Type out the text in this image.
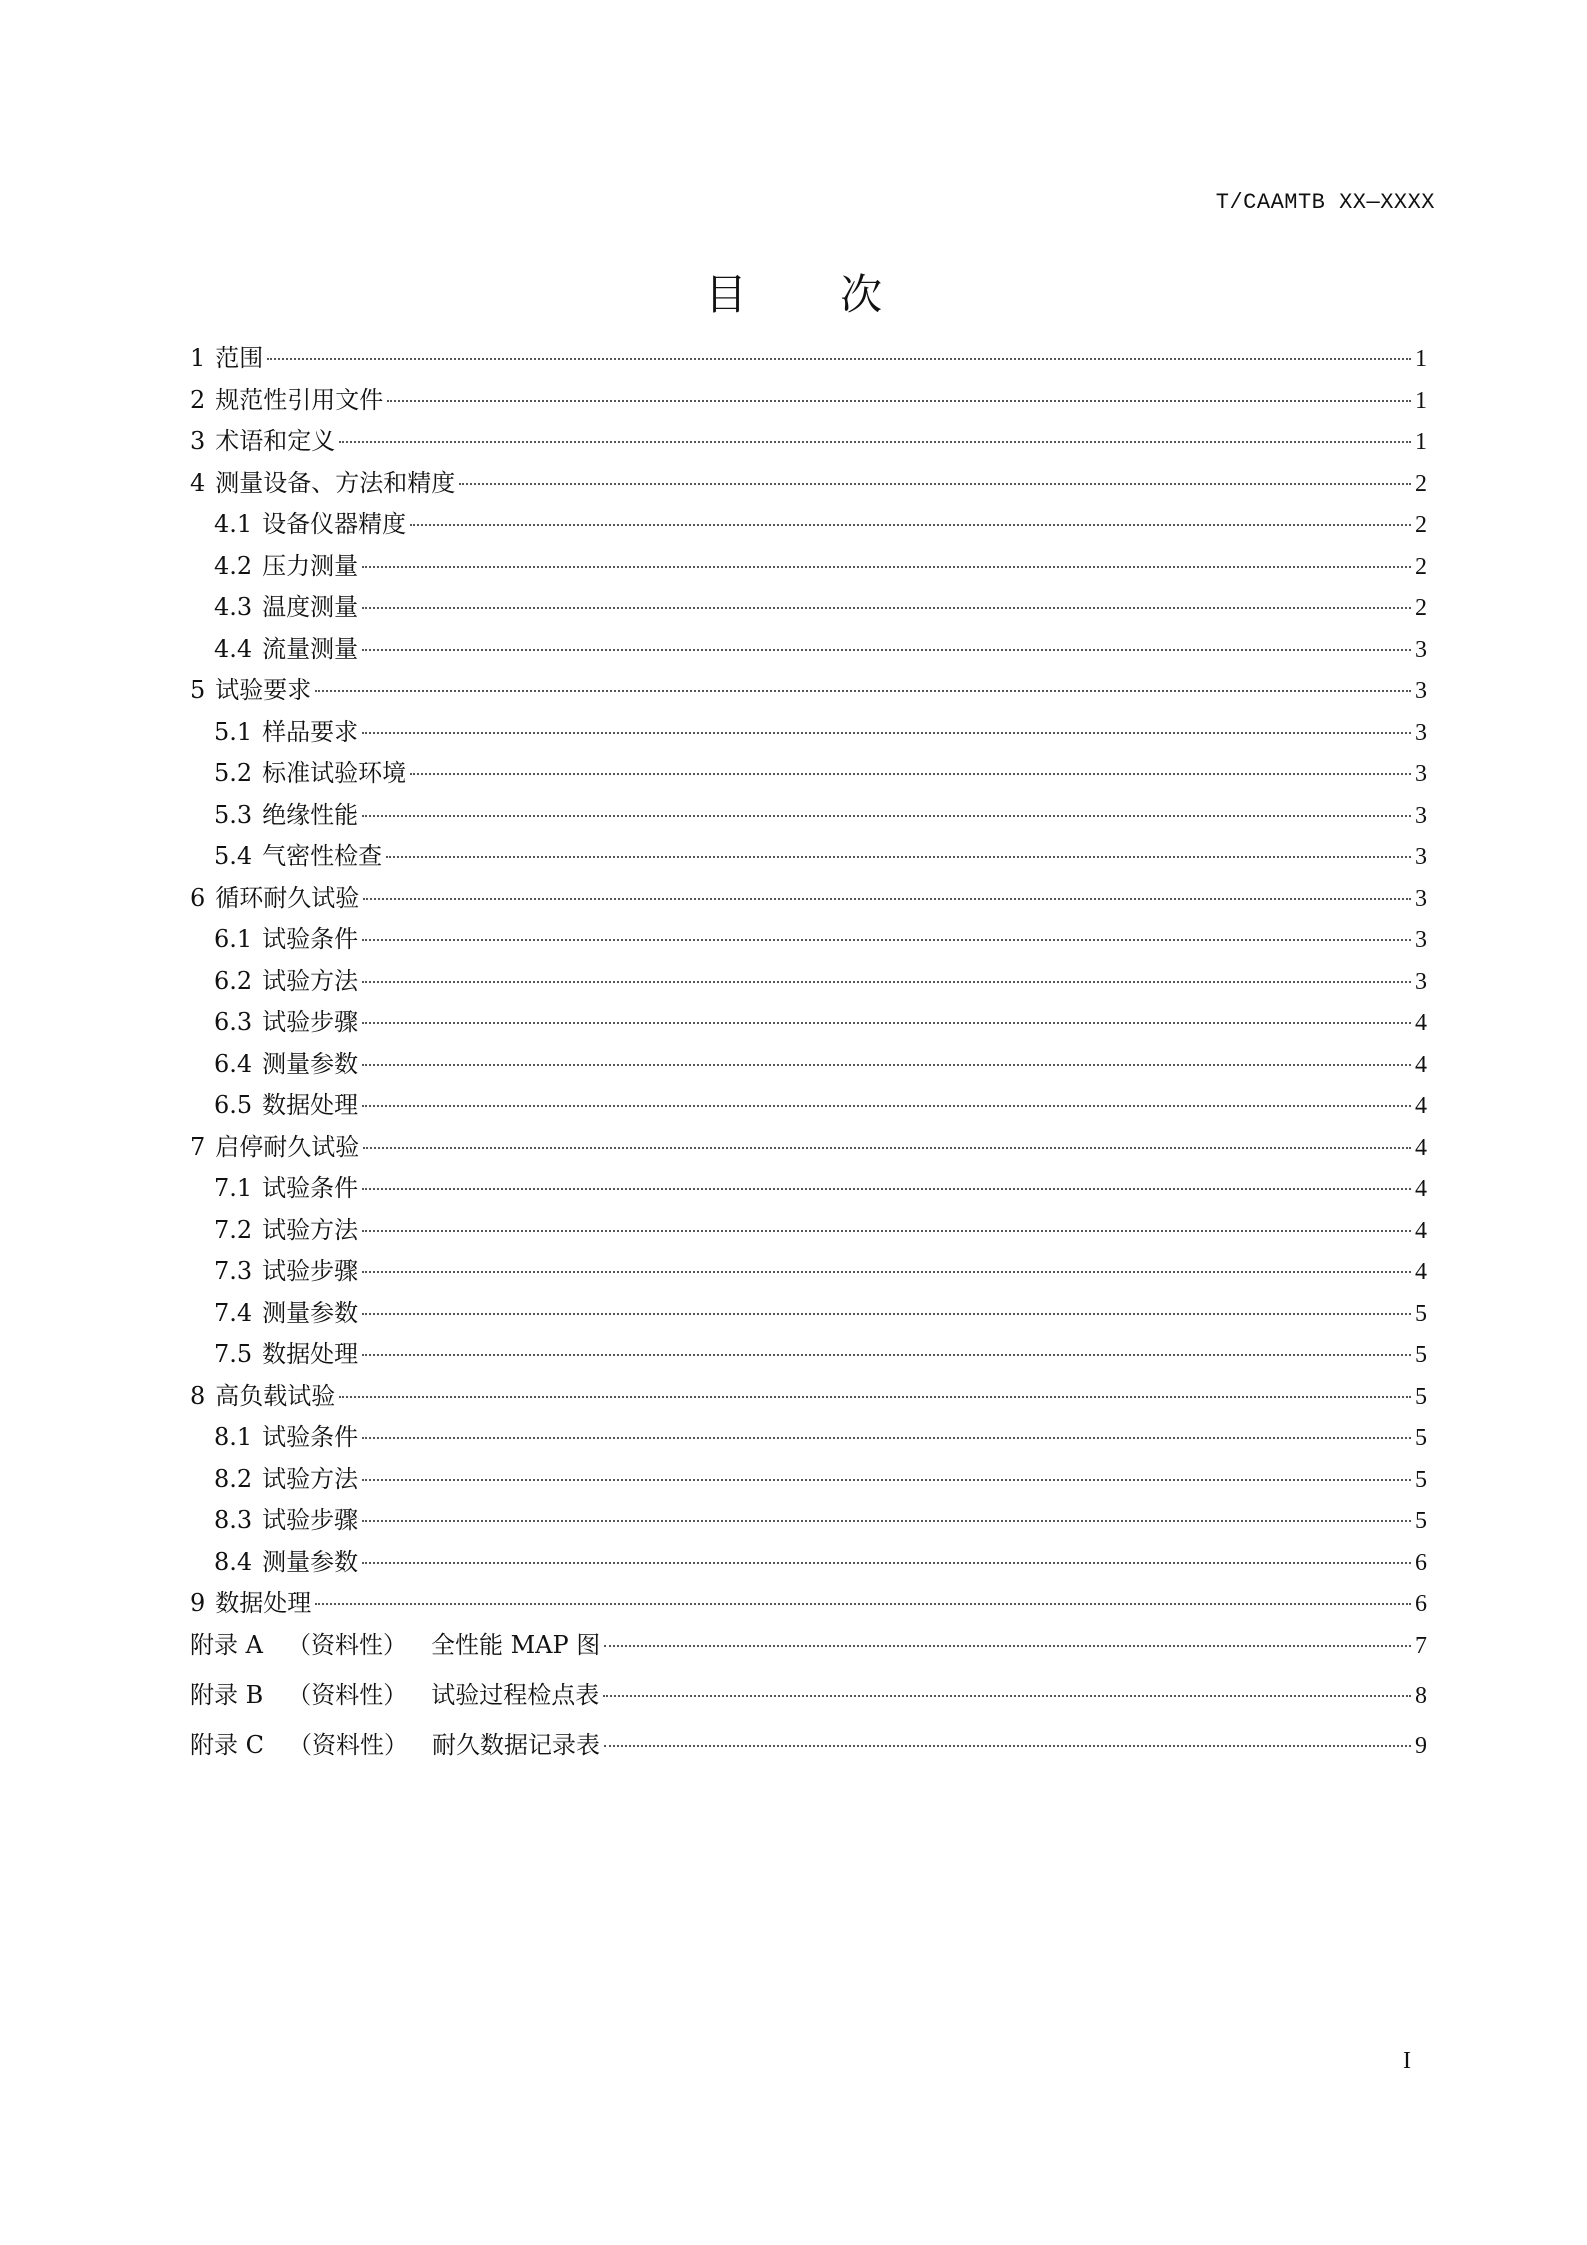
T/CAAMTB XX—XXXX
目 次
1 范围	1
2 规范性引用文件	1
3 术语和定义	1
4 测量设备、方法和精度	2
4.1 设备仪器精度	2
4.2 压力测量	2
4.3 温度测量	2
4.4 流量测量	3
5 试验要求	3
5.1 样品要求	3
5.2 标准试验环境	3
5.3 绝缘性能	3
5.4 气密性检查	3
6 循环耐久试验	3
6.1 试验条件	3
6.2 试验方法	3
6.3 试验步骤	4
6.4 测量参数	4
6.5 数据处理	4
7 启停耐久试验	4
7.1 试验条件	4
7.2 试验方法	4
7.3 试验步骤	4
7.4 测量参数	5
7.5 数据处理	5
8 高负载试验	5
8.1 试验条件	5
8.2 试验方法	5
8.3 试验步骤	5
8.4 测量参数	6
9 数据处理	6
附录 A （资料性） 全性能 MAP 图	7
附录 B （资料性） 试验过程检点表	8
附录 C （资料性） 耐久数据记录表	9
I
